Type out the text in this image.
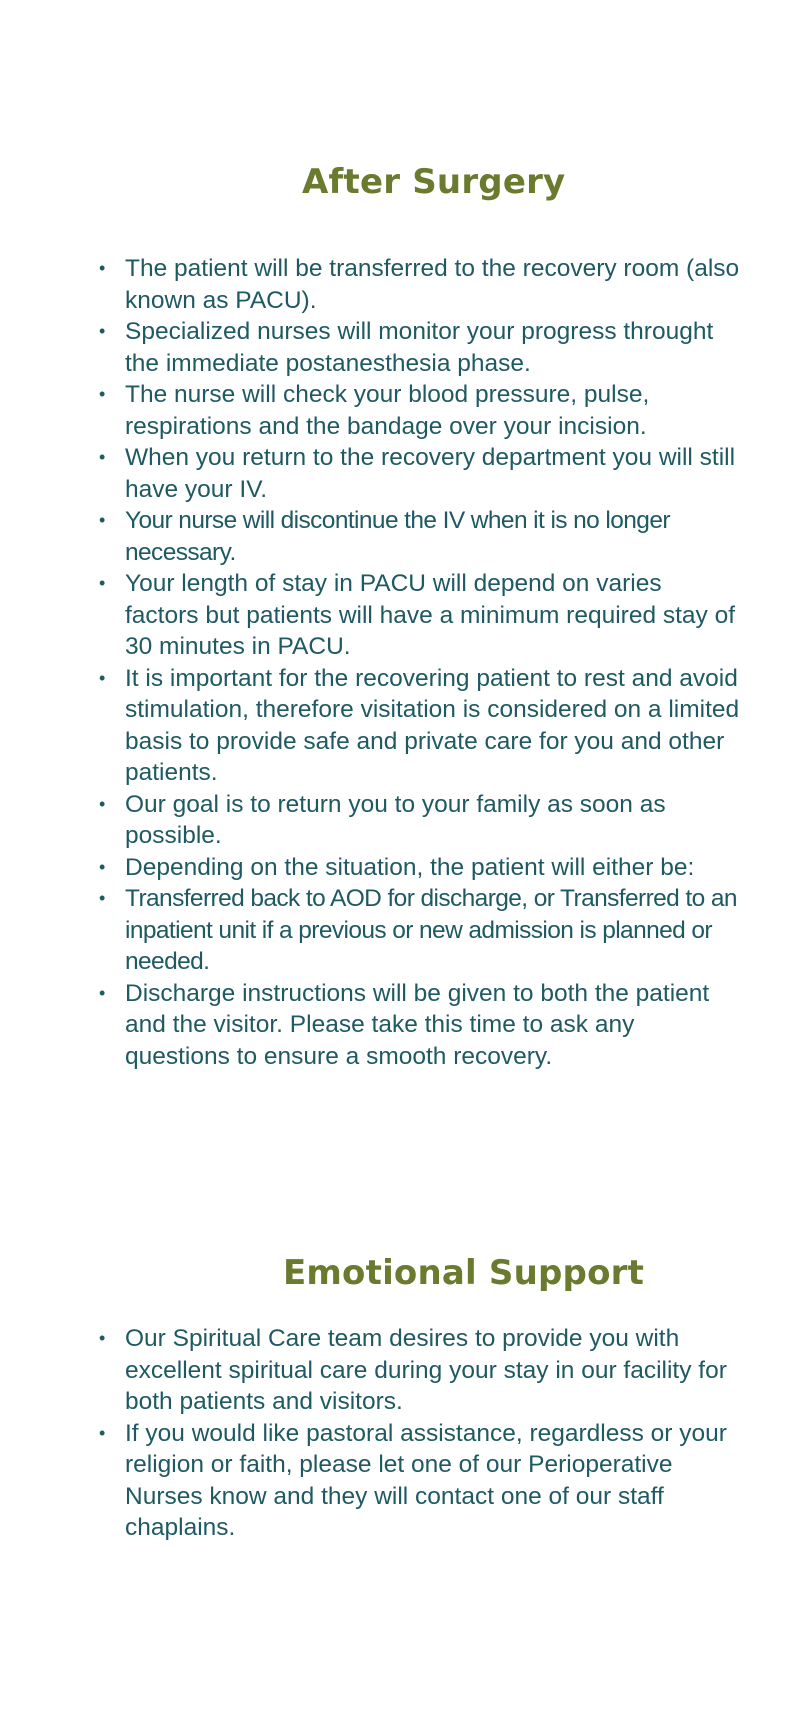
After Surgery
• The patient will be transferred to the recovery room (also known as PACU).
• Specialized nurses will monitor your progress throught the immediate postanesthesia phase.
• The nurse will check your blood pressure, pulse, respirations and the bandage over your incision.
• When you return to the recovery department you will still have your IV.
• Your nurse will discontinue the IV when it is no longer necessary.
• Your length of stay in PACU will depend on varies factors but patients will have a minimum required stay of 30 minutes in PACU.
• It is important for the recovering patient to rest and avoid stimulation, therefore visitation is considered on a limited basis to provide safe and private care for you and other patients.
• Our goal is to return you to your family as soon as possible.
• Depending on the situation, the patient will either be:
• Transferred back to AOD for discharge, or Transferred to an inpatient unit if a previous or new admission is planned or needed.
• Discharge instructions will be given to both the patient and the visitor. Please take this time to ask any questions to ensure a smooth recovery.
Emotional Support
• Our Spiritual Care team desires to provide you with excellent spiritual care during your stay in our facility for both patients and visitors.
• If you would like pastoral assistance, regardless or your religion or faith, please let one of our Perioperative Nurses know and they will contact one of our staff chaplains.
